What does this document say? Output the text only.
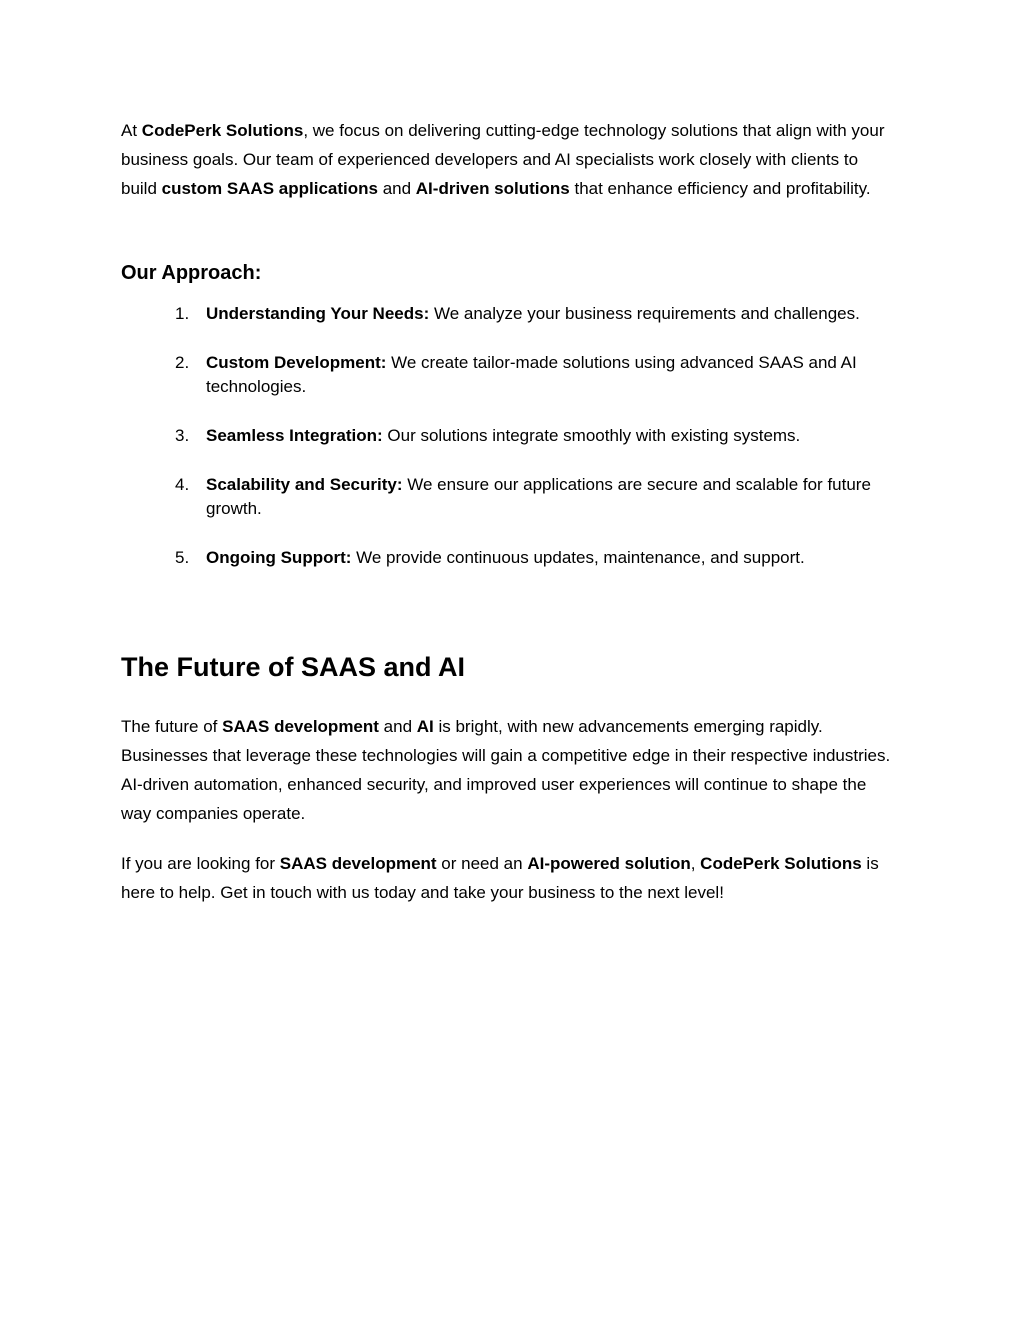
At CodePerk Solutions, we focus on delivering cutting-edge technology solutions that align with your business goals. Our team of experienced developers and AI specialists work closely with clients to build custom SAAS applications and AI-driven solutions that enhance efficiency and profitability.

Our Approach:
1. Understanding Your Needs: We analyze your business requirements and challenges.
2. Custom Development: We create tailor-made solutions using advanced SAAS and AI technologies.
3. Seamless Integration: Our solutions integrate smoothly with existing systems.
4. Scalability and Security: We ensure our applications are secure and scalable for future growth.
5. Ongoing Support: We provide continuous updates, maintenance, and support.
The Future of SAAS and AI

The future of SAAS development and AI is bright, with new advancements emerging rapidly. Businesses that leverage these technologies will gain a competitive edge in their respective industries. AI-driven automation, enhanced security, and improved user experiences will continue to shape the way companies operate.

If you are looking for SAAS development or need an AI-powered solution, CodePerk Solutions is here to help. Get in touch with us today and take your business to the next level!
